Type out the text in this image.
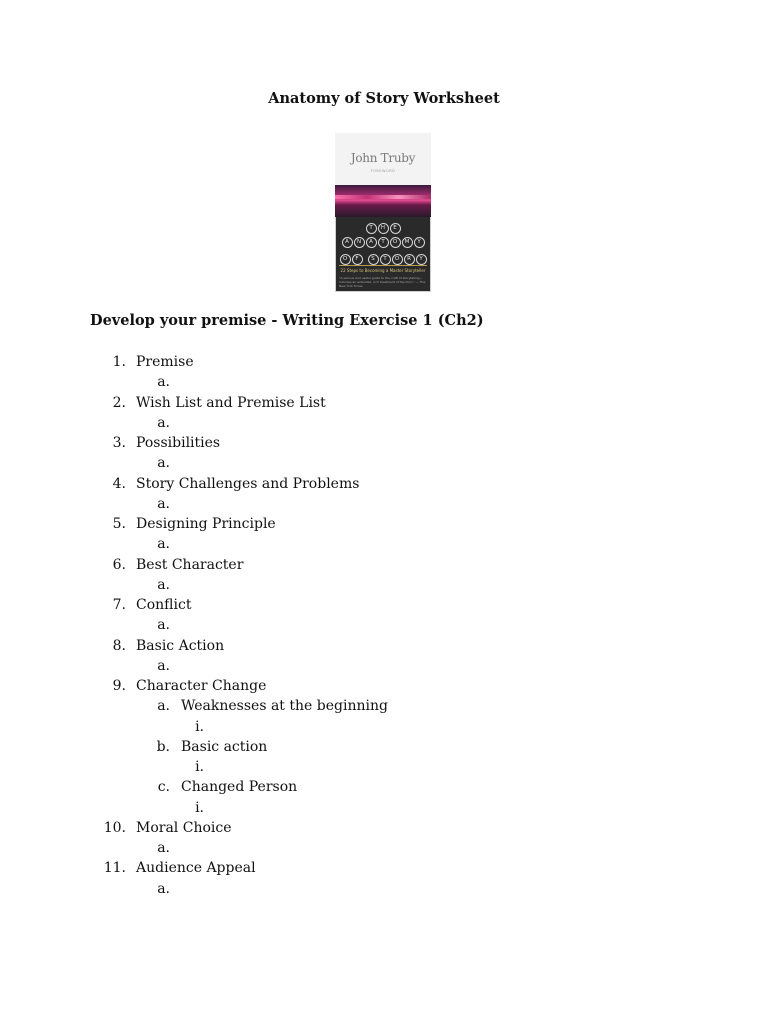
Anatomy of Story Worksheet
John Truby
FOREWORD
T H E
A N A T O M Y
O F S T O R Y
22 Steps to Becoming a Master Storyteller
"A serious and useful guide to the craft of storytelling... Includes an extended, rich treatment of the form." — The New York Times
Develop your premise - Writing Exercise 1 (Ch2)
1. Premise
a.
2. Wish List and Premise List
a.
3. Possibilities
a.
4. Story Challenges and Problems
a.
5. Designing Principle
a.
6. Best Character
a.
7. Conflict
a.
8. Basic Action
a.
9. Character Change
a. Weaknesses at the beginning
i.
b. Basic action
i.
c. Changed Person
i.
10. Moral Choice
a.
11. Audience Appeal
a.
